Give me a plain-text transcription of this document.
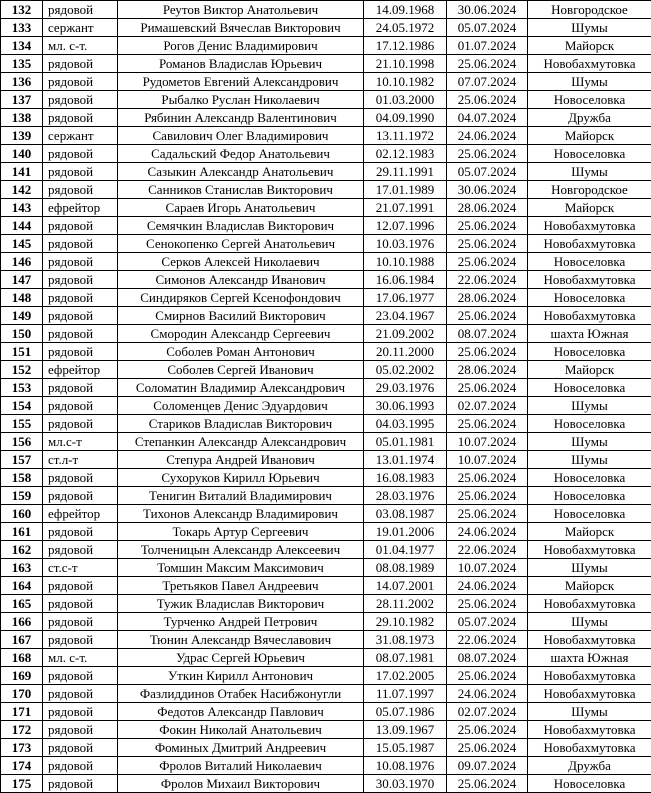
132	рядовой	Реутов Виктор Анатольевич	14.09.1968	30.06.2024	Новгородское
133	сержант	Римашевский Вячеслав Викторович	24.05.1972	05.07.2024	Шумы
134	мл. с-т.	Рогов Денис Владимирович	17.12.1986	01.07.2024	Майорск
135	рядовой	Романов Владислав Юрьевич	21.10.1998	25.06.2024	Новобахмутовка
136	рядовой	Рудометов Евгений Александрович	10.10.1982	07.07.2024	Шумы
137	рядовой	Рыбалко Руслан Николаевич	01.03.2000	25.06.2024	Новоселовка
138	рядовой	Рябинин Александр Валентинович	04.09.1990	04.07.2024	Дружба
139	сержант	Савилович Олег Владимирович	13.11.1972	24.06.2024	Майорск
140	рядовой	Садальский Федор Анатольевич	02.12.1983	25.06.2024	Новоселовка
141	рядовой	Сазыкин Александр Анатольевич	29.11.1991	05.07.2024	Шумы
142	рядовой	Санников Станислав Викторович	17.01.1989	30.06.2024	Новгородское
143	ефрейтор	Сараев Игорь Анатольевич	21.07.1991	28.06.2024	Майорск
144	рядовой	Семячкин Владислав Викторович	12.07.1996	25.06.2024	Новобахмутовка
145	рядовой	Сенокопенко Сергей Анатольевич	10.03.1976	25.06.2024	Новобахмутовка
146	рядовой	Серков Алексей Николаевич	10.10.1988	25.06.2024	Новоселовка
147	рядовой	Симонов Александр Иванович	16.06.1984	22.06.2024	Новобахмутовка
148	рядовой	Синдиряков Сергей Ксенофондович	17.06.1977	28.06.2024	Новоселовка
149	рядовой	Смирнов Василий Викторович	23.04.1967	25.06.2024	Новобахмутовка
150	рядовой	Смородин Александр Сергеевич	21.09.2002	08.07.2024	шахта Южная
151	рядовой	Соболев Роман Антонович	20.11.2000	25.06.2024	Новоселовка
152	ефрейтор	Соболев Сергей Иванович	05.02.2002	28.06.2024	Майорск
153	рядовой	Соломатин Владимир Александрович	29.03.1976	25.06.2024	Новоселовка
154	рядовой	Соломенцев Денис Эдуардович	30.06.1993	02.07.2024	Шумы
155	рядовой	Стариков Владислав Викторович	04.03.1995	25.06.2024	Новоселовка
156	мл.с-т	Степанкин Александр Александрович	05.01.1981	10.07.2024	Шумы
157	ст.л-т	Степура Андрей Иванович	13.01.1974	10.07.2024	Шумы
158	рядовой	Сухоруков Кирилл Юрьевич	16.08.1983	25.06.2024	Новоселовка
159	рядовой	Тенигин Виталий Владимирович	28.03.1976	25.06.2024	Новоселовка
160	ефрейтор	Тихонов Александр Владимирович	03.08.1987	25.06.2024	Новоселовка
161	рядовой	Токарь Артур Сергеевич	19.01.2006	24.06.2024	Майорск
162	рядовой	Толченицын Александр Алексеевич	01.04.1977	22.06.2024	Новобахмутовка
163	ст.с-т	Томшин Максим Максимович	08.08.1989	10.07.2024	Шумы
164	рядовой	Третьяков Павел Андреевич	14.07.2001	24.06.2024	Майорск
165	рядовой	Тужик Владислав Викторович	28.11.2002	25.06.2024	Новобахмутовка
166	рядовой	Турченко Андрей Петрович	29.10.1982	05.07.2024	Шумы
167	рядовой	Тюнин Александр Вячеславович	31.08.1973	22.06.2024	Новобахмутовка
168	мл. с-т.	Удрас Сергей Юрьевич	08.07.1981	08.07.2024	шахта Южная
169	рядовой	Уткин Кирилл Антонович	17.02.2005	25.06.2024	Новобахмутовка
170	рядовой	Фазлиддинов Отабек Насибжонугли	11.07.1997	24.06.2024	Новобахмутовка
171	рядовой	Федотов Александр Павлович	05.07.1986	02.07.2024	Шумы
172	рядовой	Фокин Николай Анатольевич	13.09.1967	25.06.2024	Новобахмутовка
173	рядовой	Фоминых Дмитрий Андреевич	15.05.1987	25.06.2024	Новобахмутовка
174	рядовой	Фролов Виталий Николаевич	10.08.1976	09.07.2024	Дружба
175	рядовой	Фролов Михаил Викторович	30.03.1970	25.06.2024	Новоселовка
